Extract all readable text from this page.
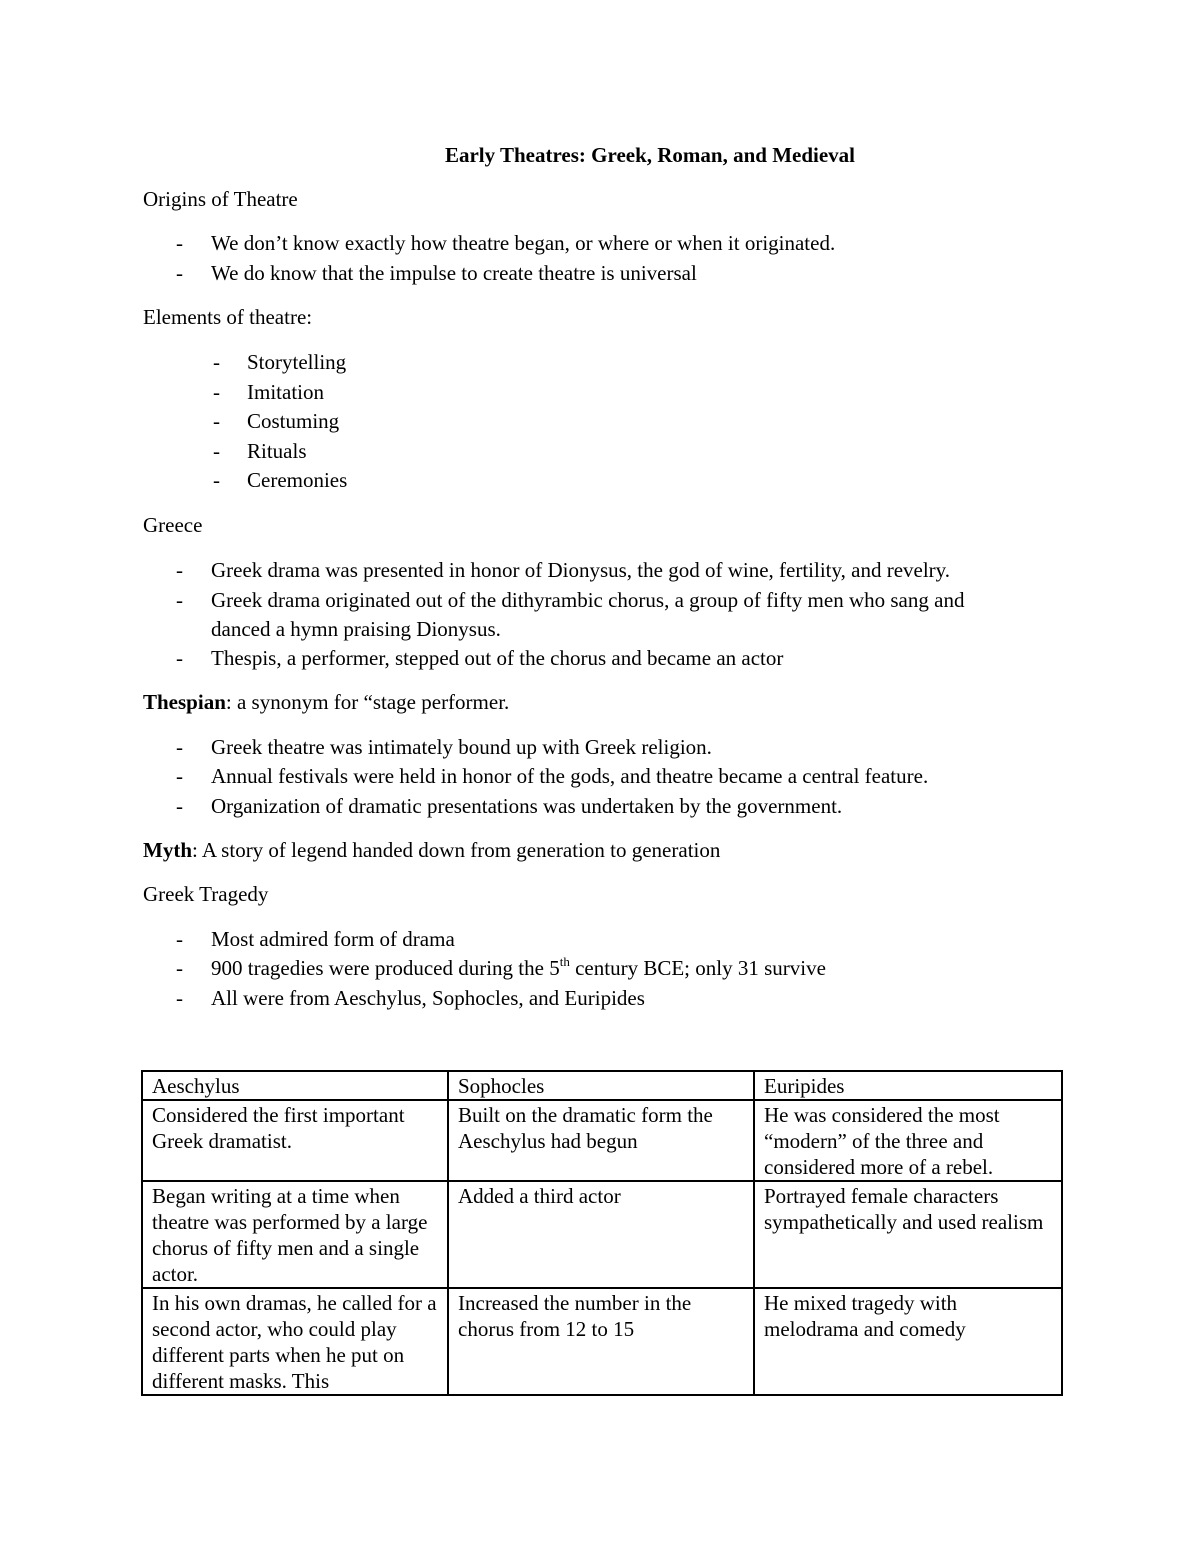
Early Theatres: Greek, Roman, and Medieval
Origins of Theatre
- We don’t know exactly how theatre began, or where or when it originated.
- We do know that the impulse to create theatre is universal
Elements of theatre:
- Storytelling
- Imitation
- Costuming
- Rituals
- Ceremonies
Greece
- Greek drama was presented in honor of Dionysus, the god of wine, fertility, and revelry.
- Greek drama originated out of the dithyrambic chorus, a group of fifty men who sang and
danced a hymn praising Dionysus.
- Thespis, a performer, stepped out of the chorus and became an actor
Thespian: a synonym for “stage performer.
- Greek theatre was intimately bound up with Greek religion.
- Annual festivals were held in honor of the gods, and theatre became a central feature.
- Organization of dramatic presentations was undertaken by the government.
Myth: A story of legend handed down from generation to generation
Greek Tragedy
- Most admired form of drama
- 900 tragedies were produced during the 5th century BCE; only 31 survive
- All were from Aeschylus, Sophocles, and Euripides
Aeschylus	Sophocles	Euripides
Considered the first important Greek dramatist.	Built on the dramatic form the Aeschylus had begun	He was considered the most “modern” of the three and considered more of a rebel.
Began writing at a time when theatre was performed by a large chorus of fifty men and a single actor.	Added a third actor	Portrayed female characters sympathetically and used realism
In his own dramas, he called for a second actor, who could play different parts when he put on different masks. This	Increased the number in the chorus from 12 to 15	He mixed tragedy with melodrama and comedy
